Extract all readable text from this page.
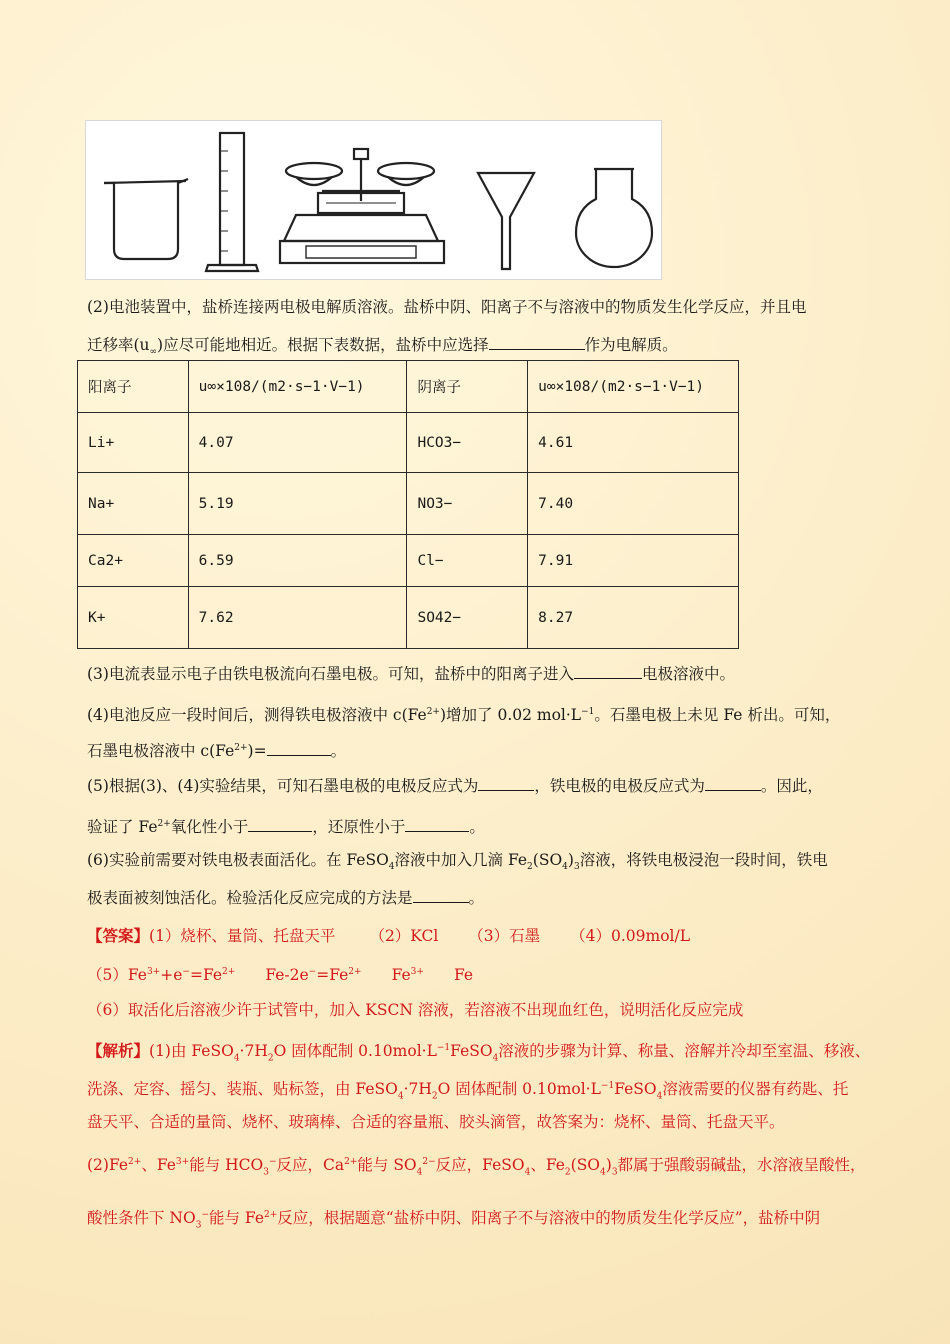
(2)电池装置中，盐桥连接两电极电解质溶液。盐桥中阴、阳离子不与溶液中的物质发生化学反应，并且电
迁移率$(u_\infty)$应尽可能地相近。根据下表数据，盐桥中应选择	作为电解质。
阳离子	u∞×108/(m2·s−1·V−1)	阴离子	u∞×108/(m2·s−1·V−1)
Li+	4.07	HCO3−	4.61
Na+	5.19	NO3−	7.40
Ca2+	6.59	Cl−	7.91
K+	7.62	SO42−	8.27
(3)电流表显示电子由铁电极流向石墨电极。可知，盐桥中的阳离子进入	电极溶液中。
(4)电池反应一段时间后，测得铁电极溶液中 $c(Fe^{2+})$增加了 0.02 $mol\cdot L^{-1}$。石墨电极上未见 Fe 析出。可知，
石墨电极溶液中 $c(Fe^{2+})=$	。
(5)根据(3)、(4)实验结果，可知石墨电极的电极反应式为	，铁电极的电极反应式为	。因此，
验证了 $Fe^{2+}$氧化性小于	，还原性小于	。
(6)实验前需要对铁电极表面活化。在 FeSO$_4$溶液中加入几滴 $Fe_2(SO_4)_3$溶液，将铁电极浸泡一段时间，铁电
极表面被刻蚀活化。检验活化反应完成的方法是	。
【答案】(1）烧杯、量筒、托盘天平 （2）KCl （3）石墨 （4）0.09mol/L
$(5)Fe^{3+}+e^-=Fe^{2+}$ $Fe-2e^-=Fe^{2+}$ $Fe^{3+}$ Fe
（6）取活化后溶液少许于试管中，加入 KSCN 溶液，若溶液不出现血红色，说明活化反应完成
【解析】(1)由 $FeSO_4\cdot 7H_2O$ 固体配制 $0.10mol\cdot L^{-1}FeSO_4$溶液的步骤为计算、称量、溶解并冷却至室温、移液、
洗涤、定容、摇匀、装瓶、贴标签，由 $FeSO_4\cdot 7H_2O$ 固体配制 $0.10mol\cdot L^{-1}FeSO_4$溶液需要的仪器有药匙、托
盘天平、合适的量筒、烧杯、玻璃棒、合适的容量瓶、胶头滴管，故答案为：烧杯、量筒、托盘天平。
$(2)Fe^{2+}$、$Fe^{3+}$能与 $HCO_3^-$反应，$Ca^{2+}$能与 $SO_4^{2-}$反应，FeSO$_4$、$Fe_2(SO_4)_3$都属于强酸弱碱盐，水溶液呈酸性，
酸性条件下 $NO_3^-$能与 $Fe^{2+}$反应，根据题意“盐桥中阴、阳离子不与溶液中的物质发生化学反应”，盐桥中阴
